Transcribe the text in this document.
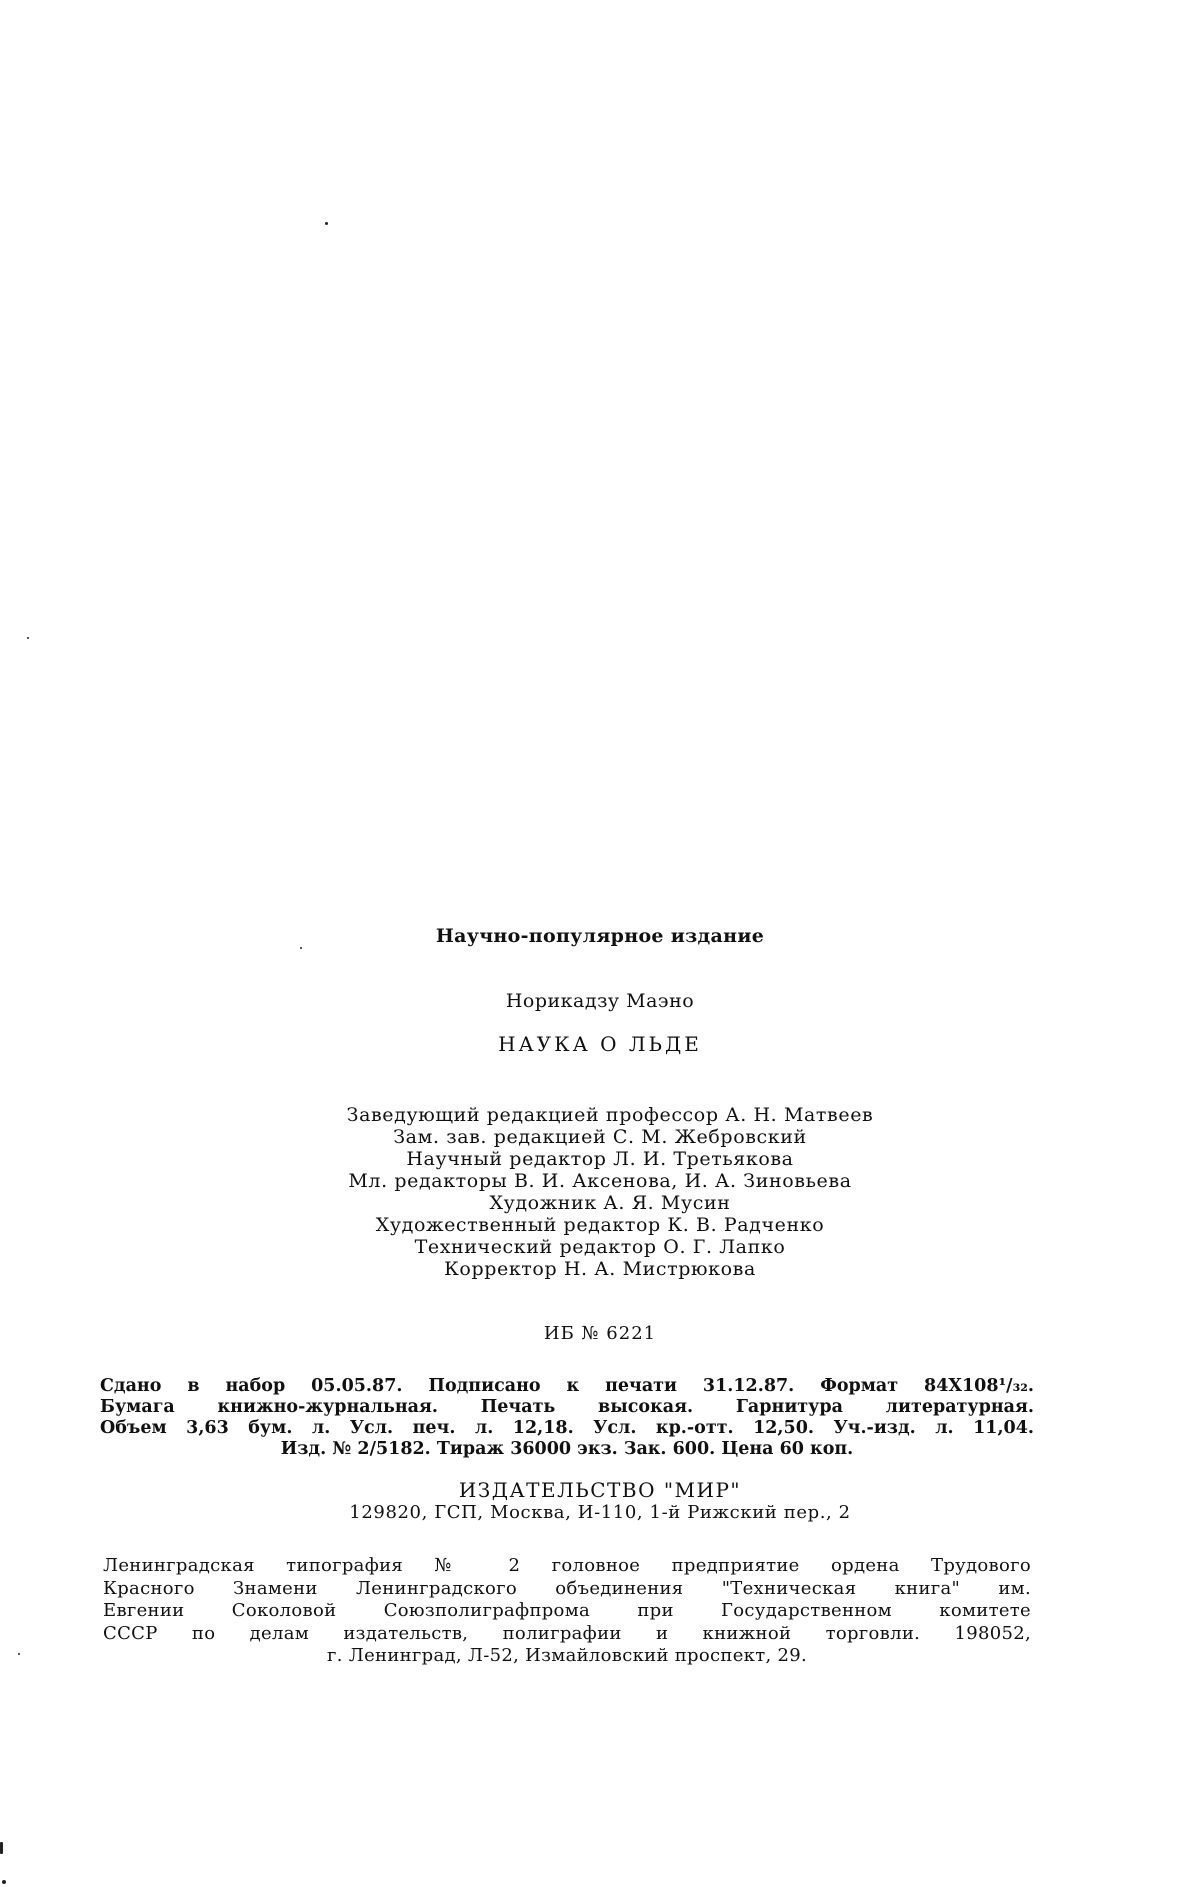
Научно-популярное издание
Норикадзу Маэно
НАУКА О ЛЬДЕ
Заведующий редакцией профессор А. Н. Матвеев
Зам. зав. редакцией С. М. Жебровский
Научный редактор Л. И. Третьякова
Мл. редакторы В. И. Аксенова, И. А. Зиновьева
Художник А. Я. Мусин
Художественный редактор К. В. Радченко
Технический редактор О. Г. Лапко
Корректор Н. А. Мистрюкова
ИБ № 6221
Сдано в набор 05.05.87. Подписано к печати 31.12.87. Формат 84Х108¹/₃₂.
Бумага книжно-журнальная. Печать высокая. Гарнитура литературная.
Объем 3,63 бум. л. Усл. печ. л. 12,18. Усл. кр.-отт. 12,50. Уч.-изд. л. 11,04.
Изд. № 2/5182. Тираж 36000 экз. Зак. 600. Цена 60 коп.
ИЗДАТЕЛЬСТВО "МИР"
129820, ГСП, Москва, И-110, 1-й Рижский пер., 2
Ленинградская типография № 2 головное предприятие ордена Трудового
Красного Знамени Ленинградского объединения "Техническая книга" им.
Евгении Соколовой Союзполиграфпрома при Государственном комитете
СССР по делам издательств, полиграфии и книжной торговли. 198052,
г. Ленинград, Л-52, Измайловский проспект, 29.
